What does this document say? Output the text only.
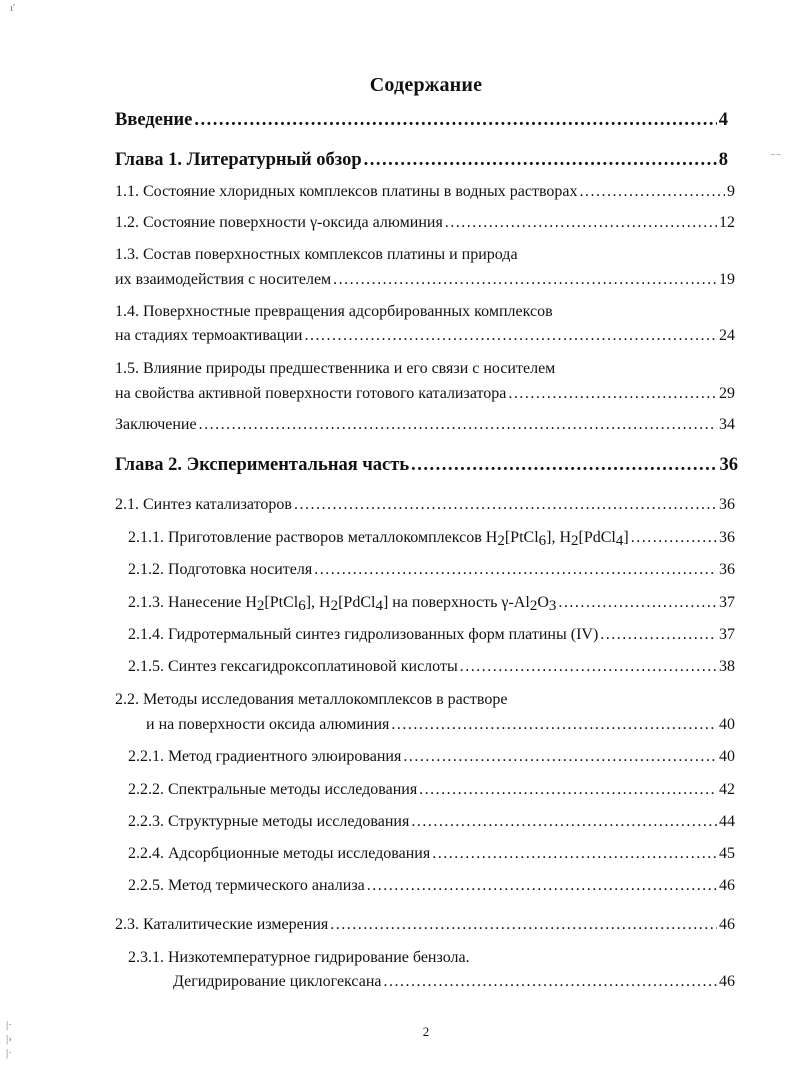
Содержание
Введение .....	4
Глава 1. Литературный обзор .....	8
1.1. Состояние хлоридных комплексов платины в водных растворах .....	9
1.2. Состояние поверхности γ-оксида алюминия .....	12
1.3. Состав поверхностных комплексов платины и природа
их взаимодействия с носителем .....	19
1.4. Поверхностные превращения адсорбированных комплексов
на стадиях термоактивации .....	24
1.5. Влияние природы предшественника и его связи с носителем
на свойства активной поверхности готового катализатора .....	29
Заключение .....	34
Глава 2. Экспериментальная часть .....	36
2.1. Синтез катализаторов .....	36
2.1.1. Приготовление растворов металлокомплексов H2[PtCl6], H2[PdCl4] .....	36
2.1.2. Подготовка носителя .....	36
2.1.3. Нанесение H2[PtCl6], H2[PdCl4] на поверхность γ-Al2O3 .....	37
2.1.4. Гидротермальный синтез гидролизованных форм платины (IV) .....	37
2.1.5. Синтез гексагидроксоплатиновой кислоты .....	38
2.2. Методы исследования металлокомплексов в растворе
и на поверхности оксида алюминия .....	40
2.2.1. Метод градиентного элюирования .....	40
2.2.2. Спектральные методы исследования .....	42
2.2.3. Структурные методы исследования .....	44
2.2.4. Адсорбционные методы исследования .....	45
2.2.5. Метод термического анализа .....	46
2.3. Каталитические измерения .....	46
2.3.1. Низкотемпературное гидрирование бензола.
Дегидрирование циклогексана .....	46
2
ı'
⁻⁻
|·
|›
|·
